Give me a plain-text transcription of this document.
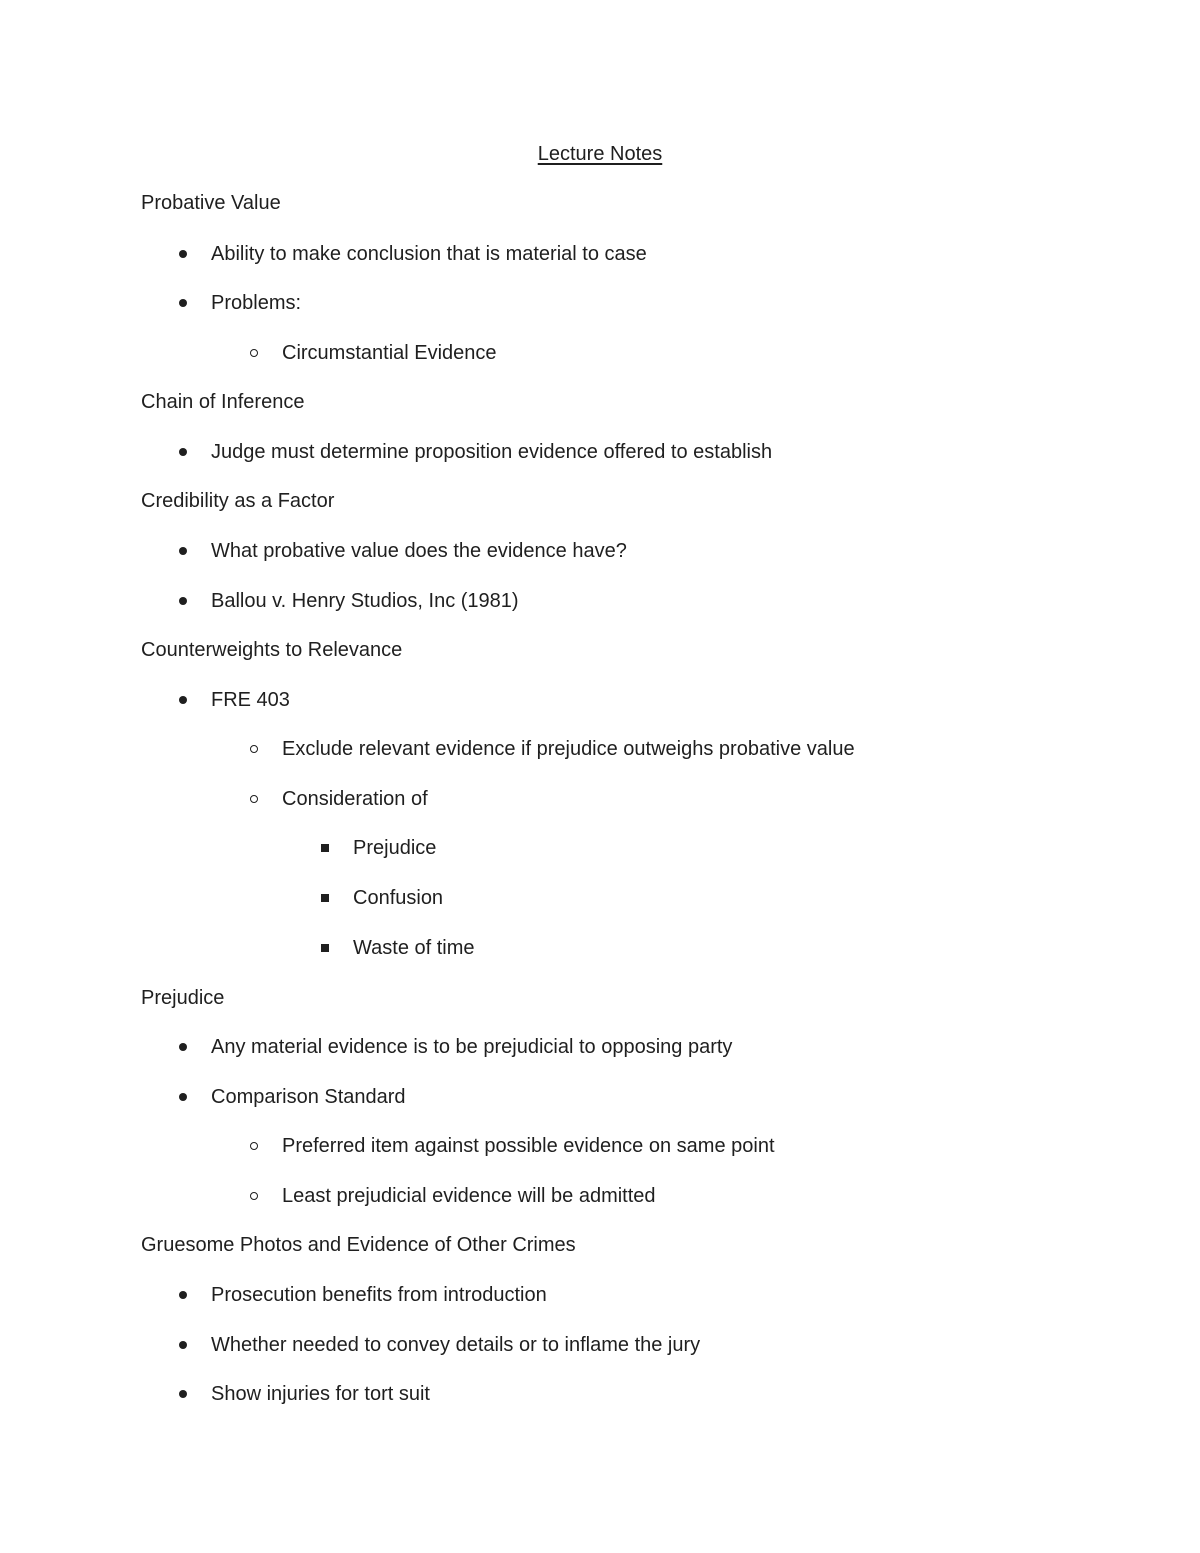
Lecture Notes
Probative Value
Ability to make conclusion that is material to case
Problems:
Circumstantial Evidence
Chain of Inference
Judge must determine proposition evidence offered to establish
Credibility as a Factor
What probative value does the evidence have?
Ballou v. Henry Studios, Inc (1981)
Counterweights to Relevance
FRE 403
Exclude relevant evidence if prejudice outweighs probative value
Consideration of
Prejudice
Confusion
Waste of time
Prejudice
Any material evidence is to be prejudicial to opposing party
Comparison Standard
Preferred item against possible evidence on same point
Least prejudicial evidence will be admitted
Gruesome Photos and Evidence of Other Crimes
Prosecution benefits from introduction
Whether needed to convey details or to inflame the jury
Show injuries for tort suit
